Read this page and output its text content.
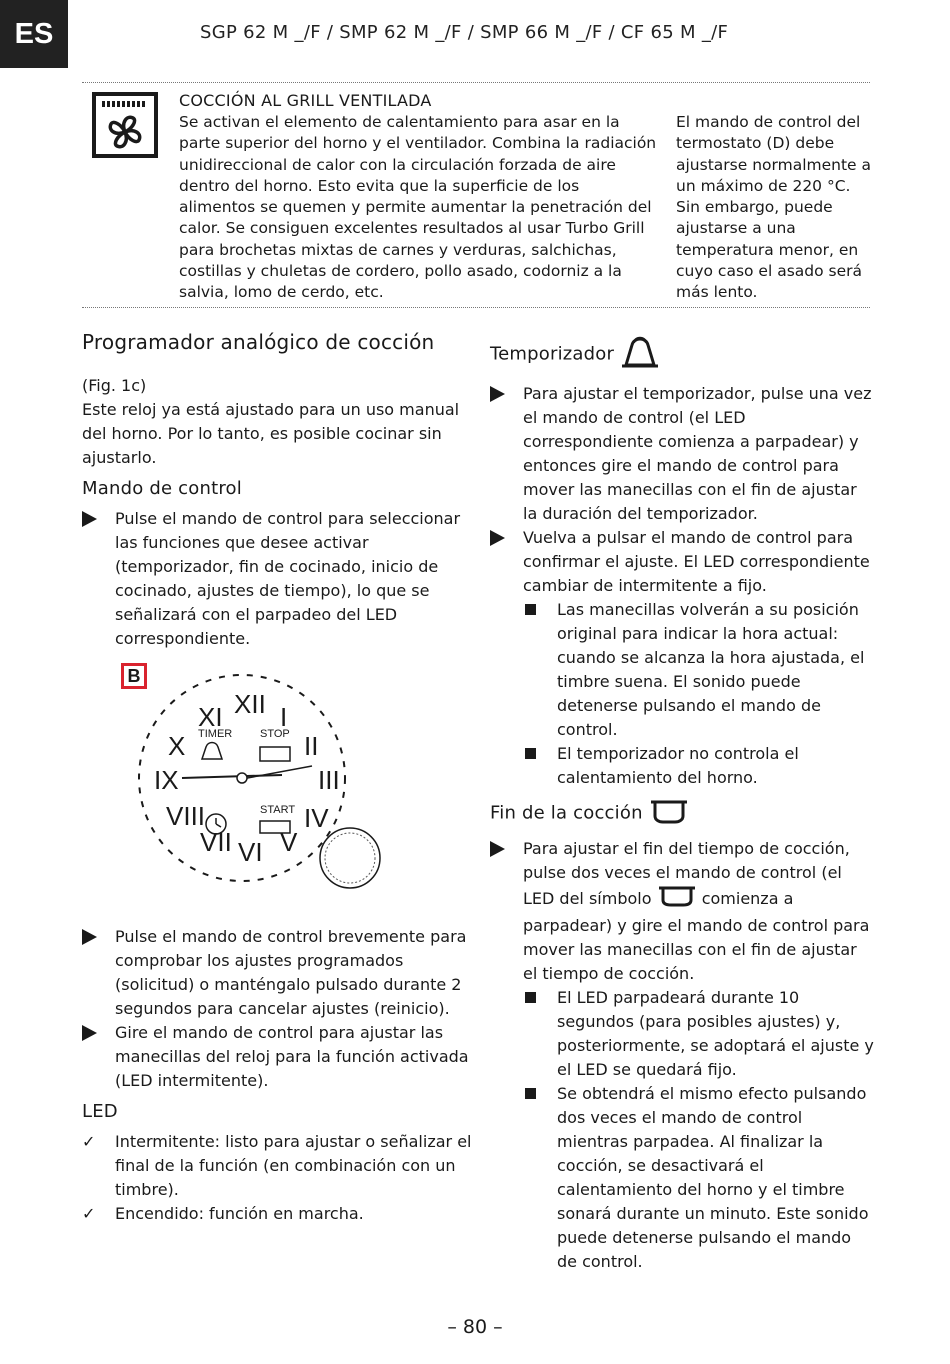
ES	SGP 62 M _/F / SMP 62 M _/F / SMP 66 M _/F / CF 65 M _/F
COCCIÓN AL GRILL VENTILADA
Se activan el elemento de calentamiento para asar en la parte superior del horno y el ventilador. Combina la radiación unidireccional de calor con la circulación forzada de aire dentro del horno. Esto evita que la superficie de los alimentos se quemen y permite aumentar la penetración del calor. Se consiguen excelentes resultados al usar Turbo Grill para brochetas mixtas de carnes y verduras, salchichas, costillas y chuletas de cordero, pollo asado, codorniz a la salvia, lomo de cerdo, etc.
El mando de control del termostato (D) debe ajustarse normalmente a un máximo de 220 °C. Sin embargo, puede ajustarse a una temperatura menor, en cuyo caso el asado será más lento.
Programador analógico de cocción

(Fig. 1c)

Este reloj ya está ajustado para un uso manual del horno. Por lo tanto, es posible cocinar sin ajustarlo.

Mando de control
Pulse el mando de control para seleccionar las funciones que desee activar (temporizador, fin de cocinado, inicio de cocinado, ajustes de tiempo), lo que se señalizará con el parpadeo del LED correspondiente.
B
XII I
II
III
IV
V
VI
VII
VIII
IX
X
XI
TIMER	STOP
START
Pulse el mando de control brevemente para comprobar los ajustes programados (solicitud) o manténgalo pulsado durante 2 segundos para cancelar ajustes (reinicio).
Gire el mando de control para ajustar las manecillas del reloj para la función activada (LED intermitente).
LED
✓	Intermitente: listo para ajustar o señalizar el final de la función (en combinación con un timbre).
✓	Encendido: función en marcha.
Temporizador
Para ajustar el temporizador, pulse una vez el mando de control (el LED correspondiente comienza a parpadear) y entonces gire el mando de control para mover las manecillas con el fin de ajustar la duración del temporizador.
Vuelva a pulsar el mando de control para confirmar el ajuste. El LED correspondiente cambiar de intermitente a fijo.
Las manecillas volverán a su posición original para indicar la hora actual: cuando se alcanza la hora ajustada, el timbre suena. El sonido puede detenerse pulsando el mando de control.
El temporizador no controla el calentamiento del horno.
Fin de la cocción
Para ajustar el fin del tiempo de cocción, pulse dos veces el mando de control (el LED del símbolo	comienza a parpadear) y gire el mando de control para mover las manecillas con el fin de ajustar el tiempo de cocción.
El LED parpadeará durante 10 segundos (para posibles ajustes) y, posteriormente, se adoptará el ajuste y el LED se quedará fijo.
Se obtendrá el mismo efecto pulsando dos veces el mando de control mientras parpadea. Al finalizar la cocción, se desactivará el calentamiento del horno y el timbre sonará durante un minuto. Este sonido puede detenerse pulsando el mando de control.
– 80 –
